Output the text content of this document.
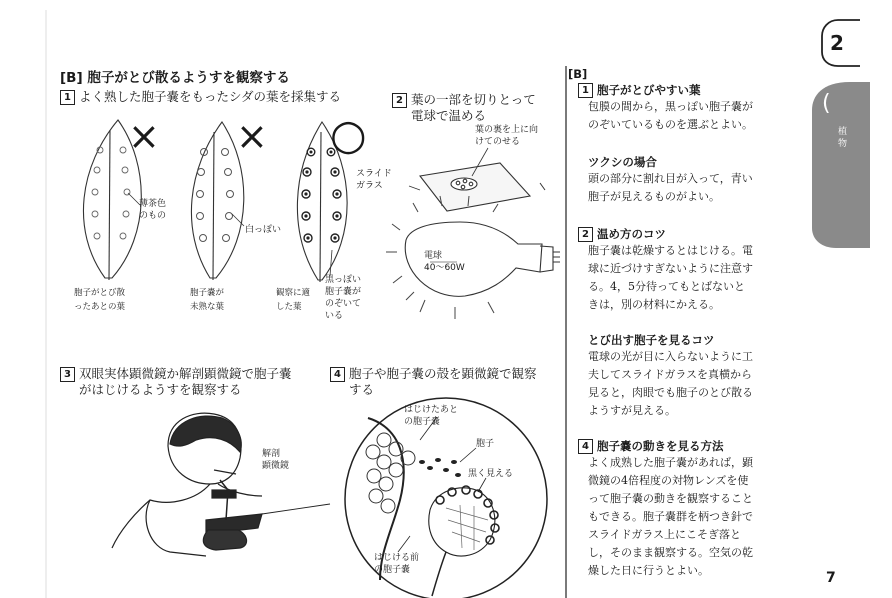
[B] 胞子がとび散るようすを観察する
1 よく熟した胞子嚢をもったシダの葉を採集する	2 葉の一部を切りとって
電球で温める
× × ○
薄茶色
のもの
白っぽい
黒っぽい
胞子嚢が
のぞいて
いる
胞子がとび散
ったあとの葉
胞子嚢が
未熟な葉
観察に適
した葉
葉の裏を上に向
けてのせる
スライド
ガラス
電球
40〜60W
3 双眼実体顕微鏡か解剖顕微鏡で胞子嚢
がはじけるようすを観察する
解剖
顕微鏡
4 胞子や胞子嚢の殻を顕微鏡で観察
する
はじけたあと
の胞子嚢
胞子
黒く見える
はじける前
の胞子嚢
[B]
1 胞子がとびやすい葉
包膜の間から，黒っぽい胞子嚢が
のぞいているものを選ぶとよい。
ツクシの場合
頭の部分に割れ目が入って，青い
胞子が見えるものがよい。
2 温め方のコツ
胞子嚢は乾燥するとはじける。電
球に近づけすぎないように注意す
る。4，5分待ってもとばないと
きは，別の材料にかえる。
とび出す胞子を見るコツ
電球の光が目に入らないように工
夫してスライドガラスを真横から
見ると，肉眼でも胞子のとび散る
ようすが見える。
4 胞子嚢の動きを見る方法
よく成熟した胞子嚢があれば，顕
微鏡の4倍程度の対物レンズを使
って胞子嚢の動きを観察すること
もできる。胞子嚢群を柄つき針で
スライドガラス上にこそぎ落と
し，そのまま観察する。空気の乾
燥した日に行うとよい。
2
(
植
物
7
